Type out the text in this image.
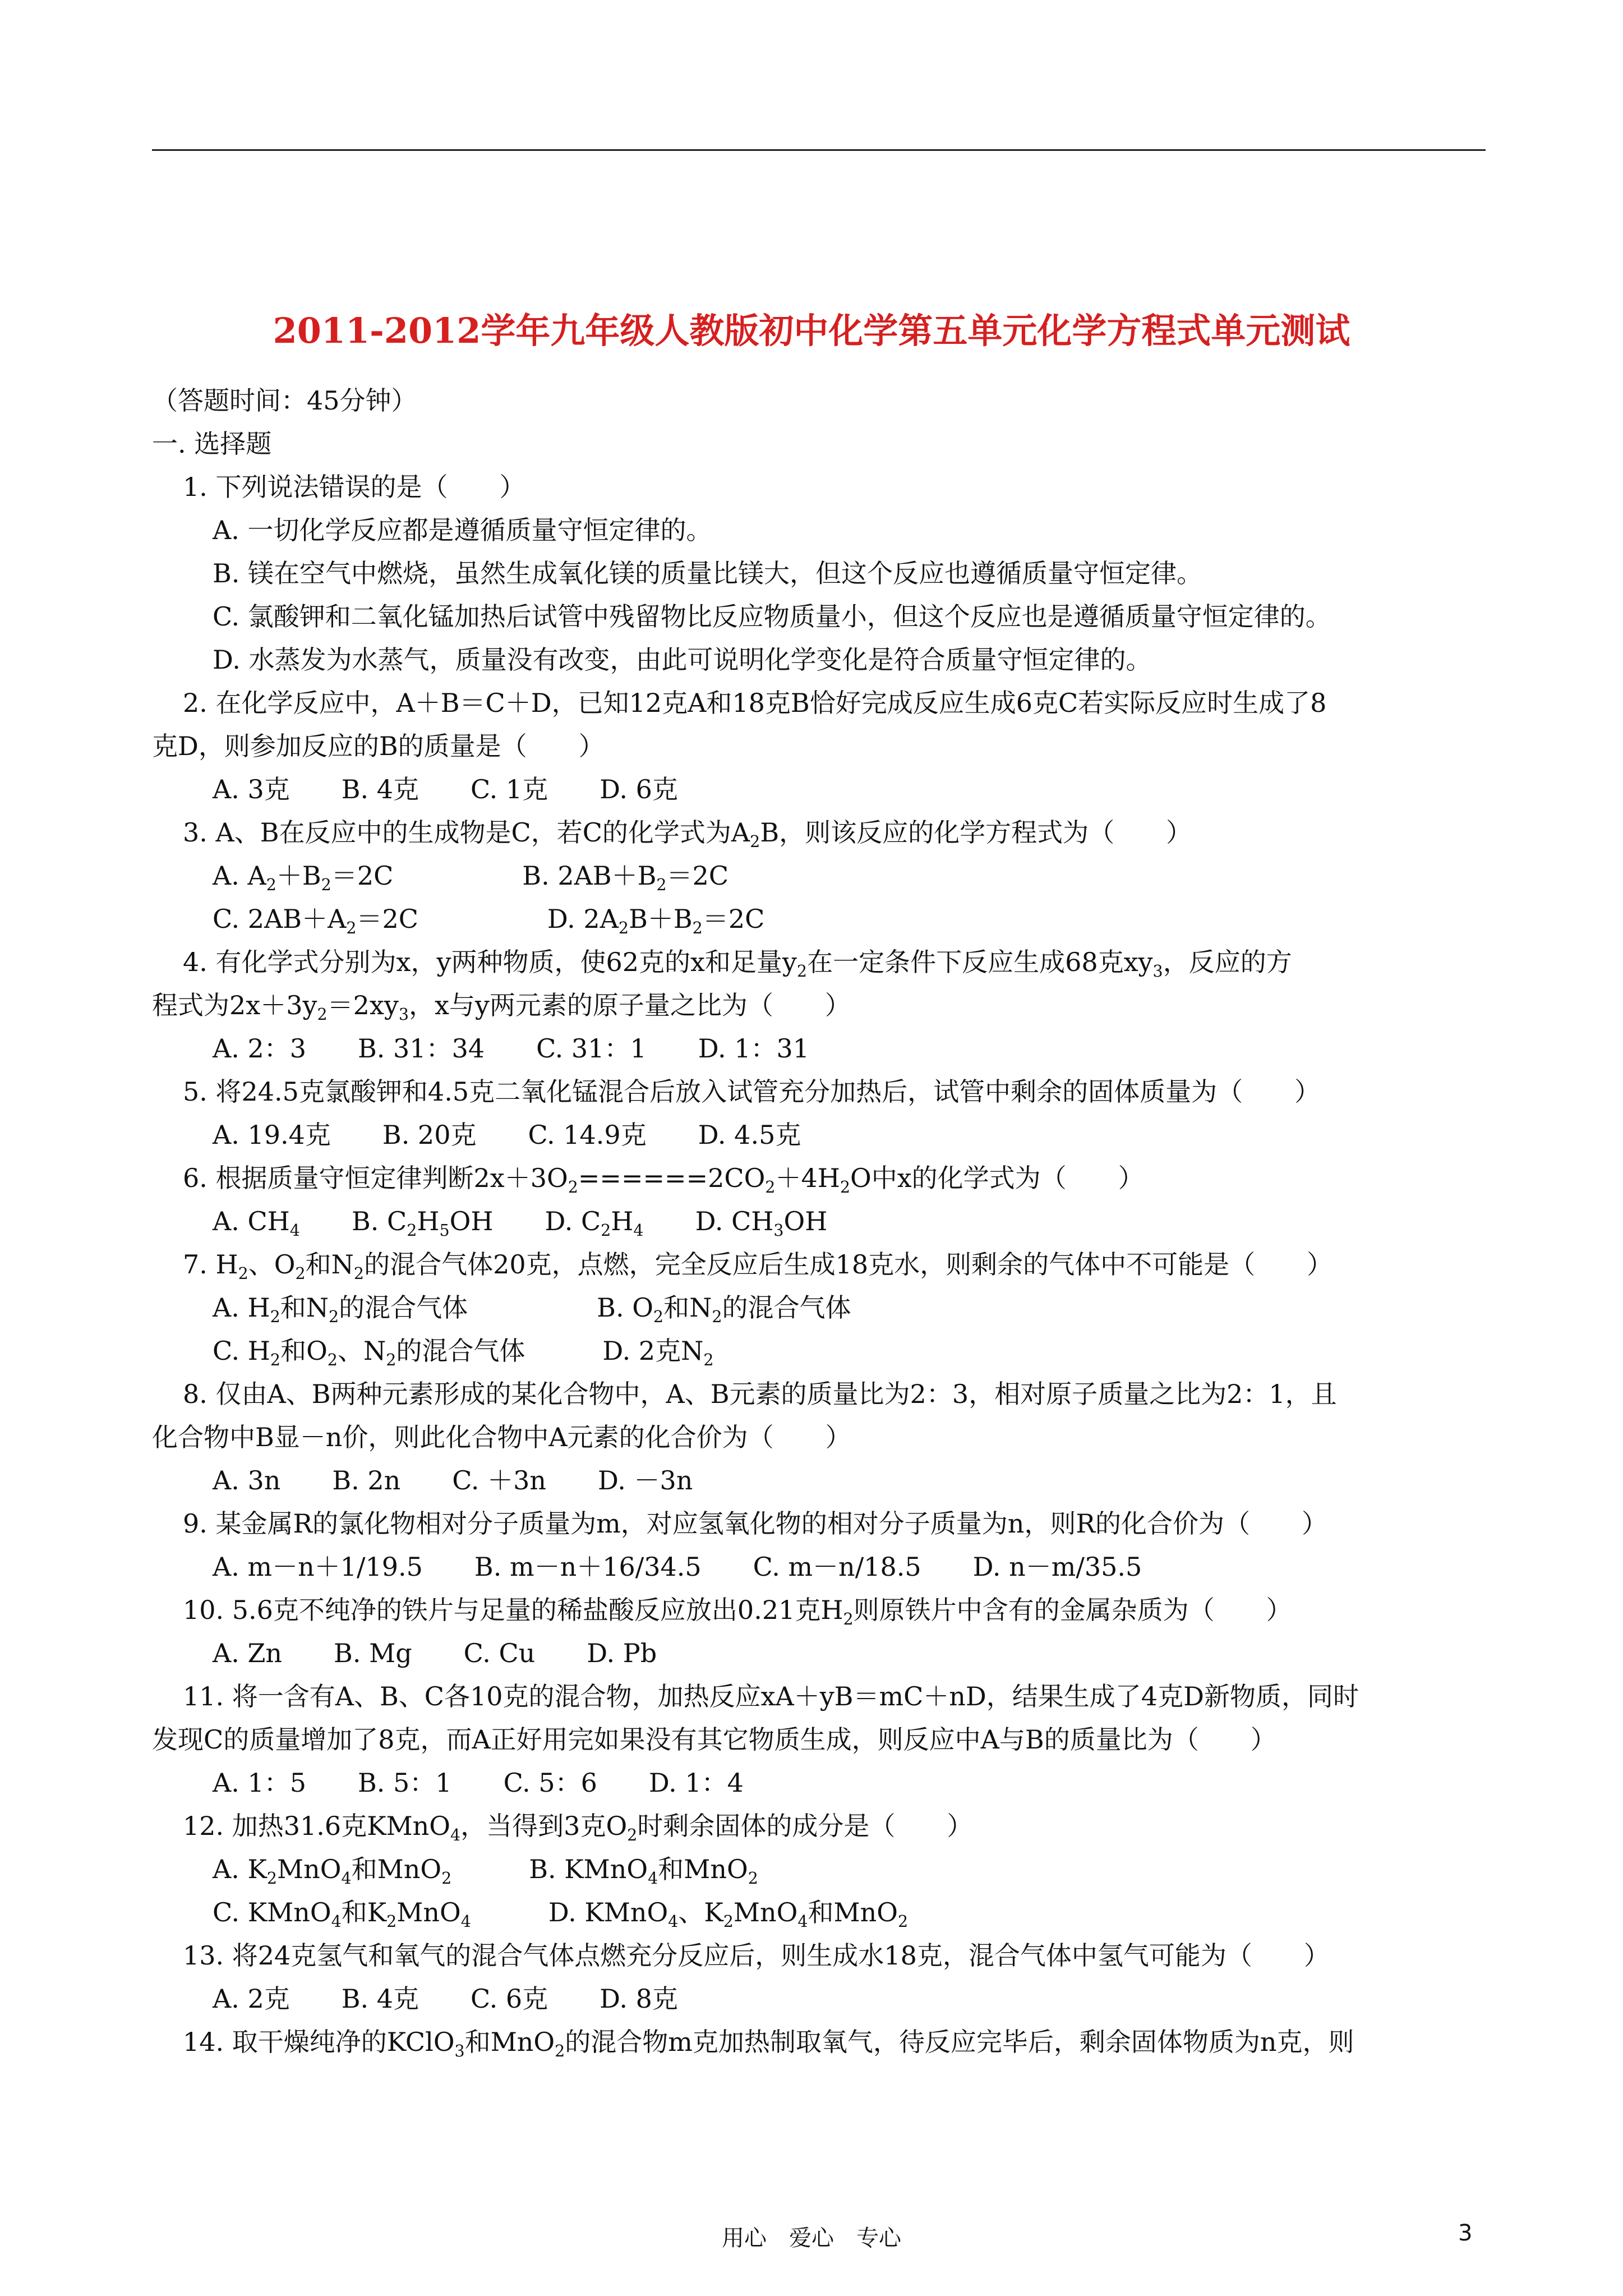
2011-2012学年九年级人教版初中化学第五单元化学方程式单元测试
（答题时间：45分钟）
一. 选择题
1. 下列说法错误的是（　　）
A. 一切化学反应都是遵循质量守恒定律的。
B. 镁在空气中燃烧，虽然生成氧化镁的质量比镁大，但这个反应也遵循质量守恒定律。
C. 氯酸钾和二氧化锰加热后试管中残留物比反应物质量小，但这个反应也是遵循质量守恒定律的。
D. 水蒸发为水蒸气，质量没有改变，由此可说明化学变化是符合质量守恒定律的。
2. 在化学反应中，A＋B＝C＋D，已知12克A和18克B恰好完成反应生成6克C若实际反应时生成了8
克D，则参加反应的B的质量是（　　）
A. 3克　　B. 4克　　C. 1克　　D. 6克
3. A、B在反应中的生成物是C，若C的化学式为$A_2B$，则该反应的化学方程式为（　　）
A. $A_2+B_2=2C$　　　　　B. $2AB+B_2=2C$
C. $2AB+A_2=2C$　　　　　D. $2A_2B+B_2=2C$
4. 有化学式分别为x，y两种物质，使62克的x和足量$y_2$在一定条件下反应生成68克$xy_3$，反应的方
程式为$2x+3y_2=2xy_3$，x与y两元素的原子量之比为（　　）
A. 2：3　　B. 31：34　　C. 31：1　　D. 1：31
5. 将24.5克氯酸钾和4.5克二氧化锰混合后放入试管充分加热后，试管中剩余的固体质量为（　　）
A. 19.4克　　B. 20克　　C. 14.9克　　D. 4.5克
6. 根据质量守恒定律判断$2x+3O_2======2CO_2+4H_2O$中x的化学式为（　　）
A. $CH_4$　　B. $C_2H_5OH$　　D. $C_2H_4$　　D. $CH_3OH$
7. $H_2$、$O_2$和$N_2$的混合气体20克，点燃，完全反应后生成18克水，则剩余的气体中不可能是（　　）
A. $H_2$和$N_2$的混合气体　　　　　B. $O_2$和$N_2$的混合气体
C. $H_2$和$O_2$、$N_2$的混合气体　　　D. 2克$N_2$
8. 仅由A、B两种元素形成的某化合物中，A、B元素的质量比为2：3，相对原子质量之比为2：1，且
化合物中B显－n价，则此化合物中A元素的化合价为（　　）
A. 3n　　B. 2n　　C. ＋3n　　D. －3n
9. 某金属R的氯化物相对分子质量为m，对应氢氧化物的相对分子质量为n，则R的化合价为（　　）
A. m－n＋1/19.5　　B. m－n＋16/34.5　　C. m－n/18.5　　D. n－m/35.5
10. 5.6克不纯净的铁片与足量的稀盐酸反应放出0.21克$H_2$则原铁片中含有的金属杂质为（　　）
A. Zn　　B. Mg　　C. Cu　　D. Pb
11. 将一含有A、B、C各10克的混合物，加热反应xA＋yB＝mC＋nD，结果生成了4克D新物质，同时
发现C的质量增加了8克，而A正好用完如果没有其它物质生成，则反应中A与B的质量比为（　　）
A. 1：5　　B. 5：1　　C. 5：6　　D. 1：4
12. 加热31.6克KMnO$_4$，当得到3克$O_2$时剩余固体的成分是（　　）
A. $K_2MnO_4$和MnO$_2$　　　B. KMnO$_4$和MnO$_2$
C. KMnO$_4$和$K_2MnO_4$　　　D. KMnO$_4$、$K_2MnO_4$和MnO$_2$
13. 将24克氢气和氧气的混合气体点燃充分反应后，则生成水18克，混合气体中氢气可能为（　　）
A. 2克　　B. 4克　　C. 6克　　D. 8克
14. 取干燥纯净的KClO$_3$和MnO$_2$的混合物m克加热制取氧气，待反应完毕后，剩余固体物质为n克，则
用心　爱心　专心	3
